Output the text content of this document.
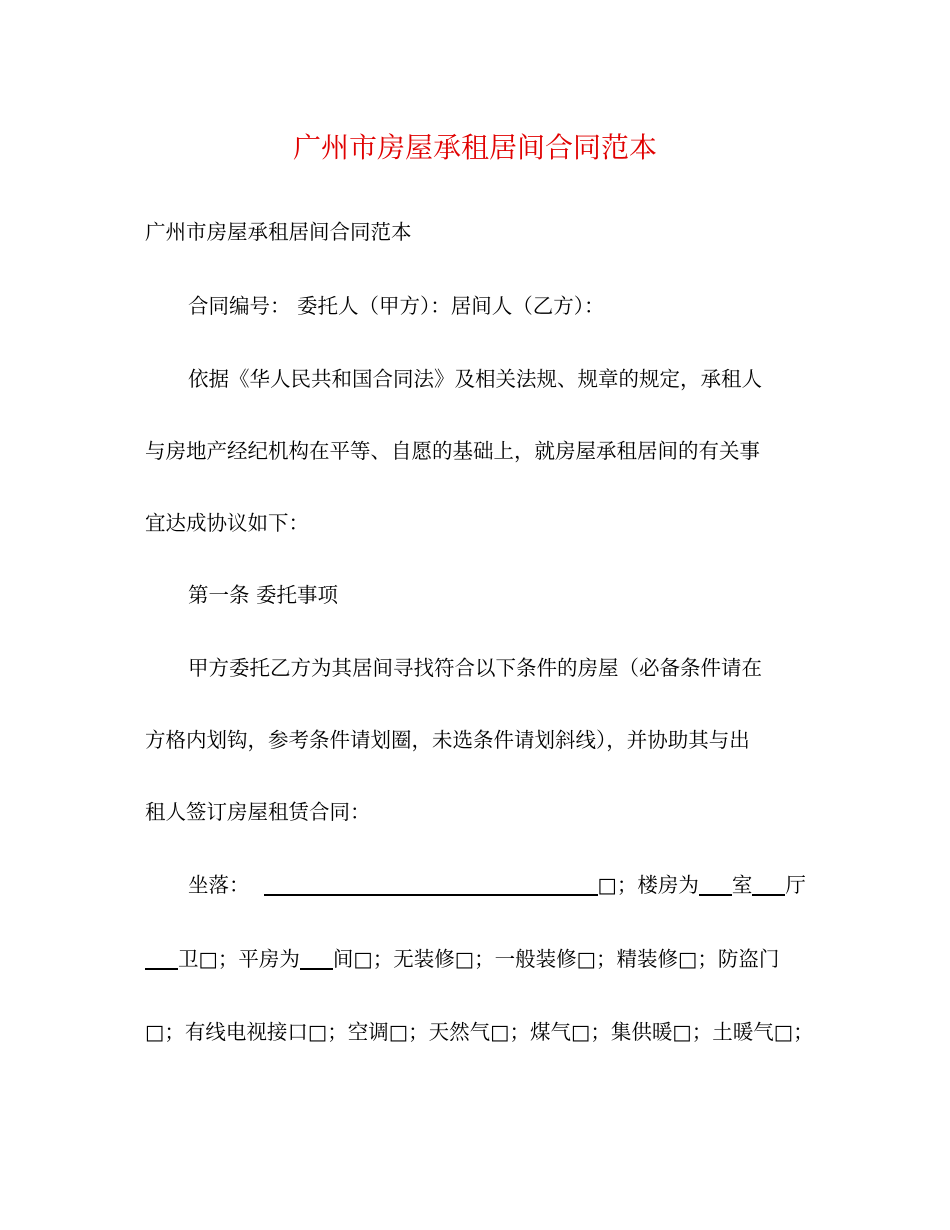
广州市房屋承租居间合同范本
广州市房屋承租居间合同范本
合同编号： 委托人（甲方）：居间人（乙方）：
依据《华人民共和国合同法》及相关法规、规章的规定，承租人
与房地产经纪机构在平等、自愿的基础上，就房屋承租居间的有关事
宜达成协议如下：
第一条 委托事项
甲方委托乙方为其居间寻找符合以下条件的房屋（必备条件请在
方格内划钩，参考条件请划圈，未选条件请划斜线），并协助其与出
租人签订房屋租赁合同：
坐落：	□；楼房为 室 厅
卫□；平房为 间□；无装修□；一般装修□；精装修□；防盗门
□；有线电视接口□；空调□；天然气□；煤气□；集供暖□；土暖气□；
